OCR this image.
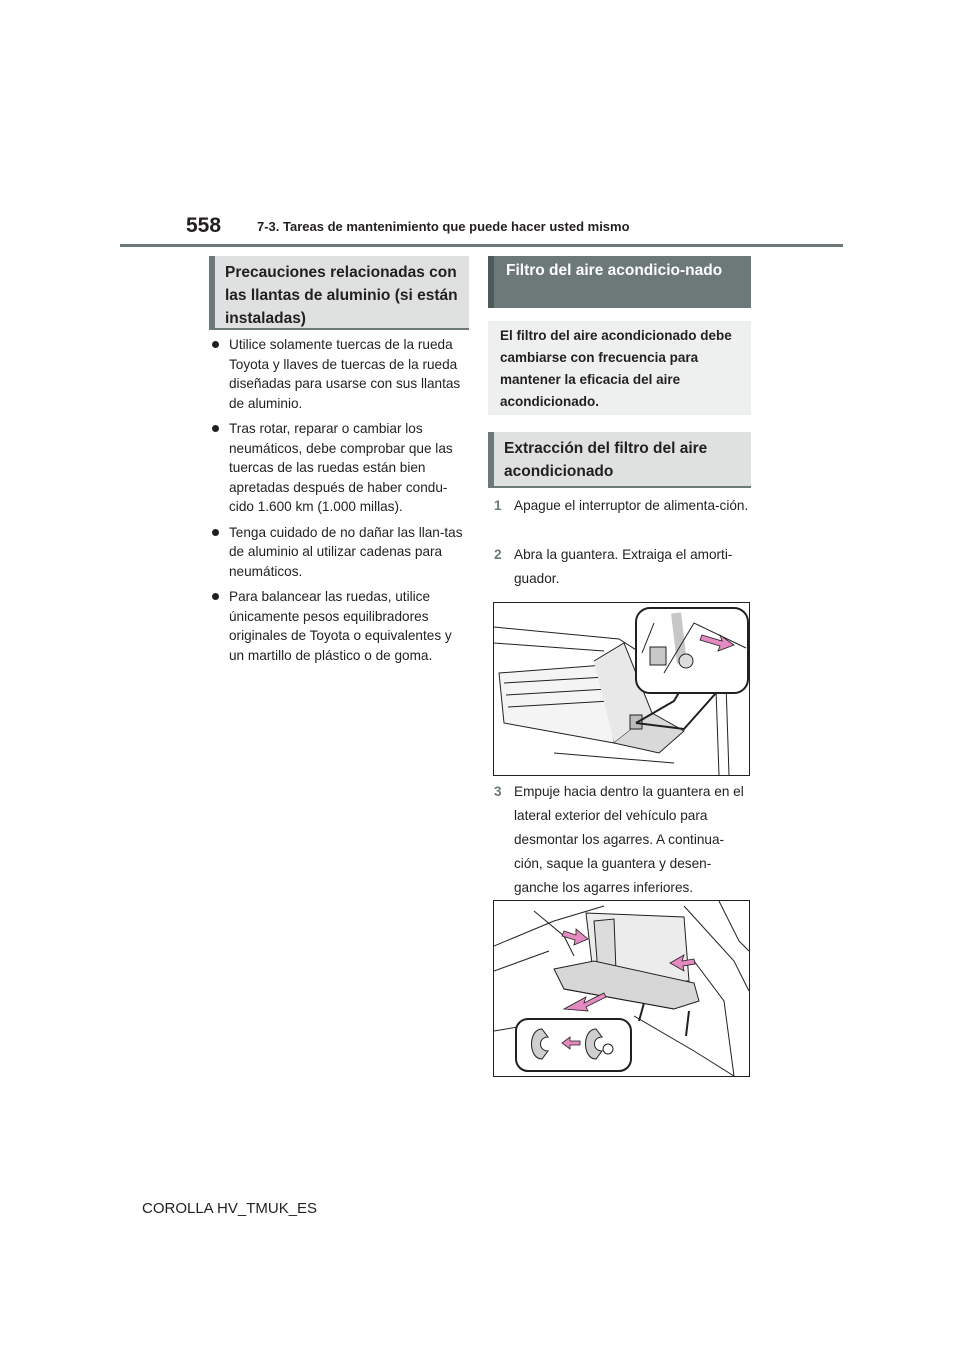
558	7-3. Tareas de mantenimiento que puede hacer usted mismo
Precauciones relacionadas con las llantas de aluminio (si están instaladas)
Utilice solamente tuercas de la rueda Toyota y llaves de tuercas de la rueda diseñadas para usarse con sus llantas de aluminio.
Tras rotar, reparar o cambiar los neumáticos, debe comprobar que las tuercas de las ruedas están bien apretadas después de haber condu-cido 1.600 km (1.000 millas).
Tenga cuidado de no dañar las llan-tas de aluminio al utilizar cadenas para neumáticos.
Para balancear las ruedas, utilice únicamente pesos equilibradores originales de Toyota o equivalentes y un martillo de plástico o de goma.
Filtro del aire acondicio-nado
El filtro del aire acondicionado debe cambiarse con frecuencia para mantener la eficacia del aire acondicionado.
Extracción del filtro del aire acondicionado
1 Apague el interruptor de alimenta-ción.
2 Abra la guantera. Extraiga el amorti-guador.
3 Empuje hacia dentro la guantera en el lateral exterior del vehículo para desmontar los agarres. A continua-ción, saque la guantera y desen-ganche los agarres inferiores.
COROLLA HV_TMUK_ES
